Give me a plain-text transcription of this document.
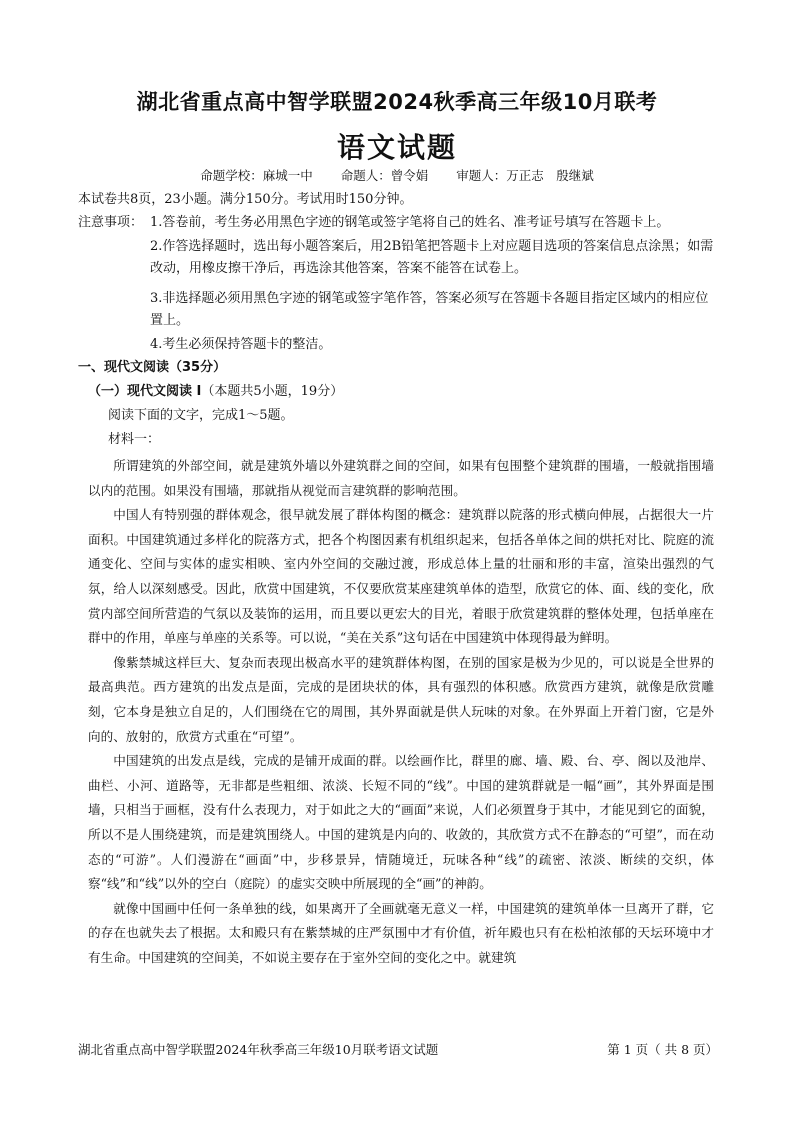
湖北省重点高中智学联盟2024秋季高三年级10月联考
语文试题
命题学校：麻城一中 命题人：曾令娟 审题人：万正志　殷继斌
本试卷共8页，23小题。满分150分。考试用时150分钟。
注意事项： 1.答卷前，考生务必用黑色字迹的钢笔或签字笔将自己的姓名、准考证号填写在答题卡上。
2.作答选择题时，选出每小题答案后，用2B铅笔把答题卡上对应题目选项的答案信息点涂黑；如需改动，用橡皮擦干净后，再选涂其他答案，答案不能答在试卷上。
3.非选择题必须用黑色字迹的钢笔或签字笔作答，答案必须写在答题卡各题目指定区域内的相应位置上。
4.考生必须保持答题卡的整洁。
一、现代文阅读（35分）
（一）现代文阅读 I（本题共5小题，19分）
阅读下面的文字，完成1～5题。
材料一：

所谓建筑的外部空间，就是建筑外墙以外建筑群之间的空间，如果有包围整个建筑群的围墙，一般就指围墙以内的范围。如果没有围墙，那就指从视觉而言建筑群的影响范围。

中国人有特别强的群体观念，很早就发展了群体构图的概念：建筑群以院落的形式横向伸展，占据很大一片面积。中国建筑通过多样化的院落方式，把各个构图因素有机组织起来，包括各单体之间的烘托对比、院庭的流通变化、空间与实体的虚实相映、室内外空间的交融过渡，形成总体上量的壮丽和形的丰富，渲染出强烈的气氛，给人以深刻感受。因此，欣赏中国建筑，不仅要欣赏某座建筑单体的造型，欣赏它的体、面、线的变化，欣赏内部空间所营造的气氛以及装饰的运用，而且要以更宏大的目光，着眼于欣赏建筑群的整体处理，包括单座在群中的作用，单座与单座的关系等。可以说，“美在关系”这句话在中国建筑中体现得最为鲜明。

像紫禁城这样巨大、复杂而表现出极高水平的建筑群体构图，在别的国家是极为少见的，可以说是全世界的最高典范。西方建筑的出发点是面，完成的是团块状的体，具有强烈的体积感。欣赏西方建筑，就像是欣赏雕刻，它本身是独立自足的，人们围绕在它的周围，其外界面就是供人玩味的对象。在外界面上开着门窗，它是外向的、放射的，欣赏方式重在“可望”。

中国建筑的出发点是线，完成的是铺开成面的群。以绘画作比，群里的廊、墙、殿、台、亭、阁以及池岸、曲栏、小河、道路等，无非都是些粗细、浓淡、长短不同的“线”。中国的建筑群就是一幅“画”，其外界面是围墙，只相当于画框，没有什么表现力，对于如此之大的“画面”来说，人们必须置身于其中，才能见到它的面貌，所以不是人围绕建筑，而是建筑围绕人。中国的建筑是内向的、收敛的，其欣赏方式不在静态的“可望”，而在动态的“可游”。人们漫游在“画面”中，步移景异，情随境迁，玩味各种“线”的疏密、浓淡、断续的交织，体察“线”和“线”以外的空白（庭院）的虚实交映中所展现的全“画”的神韵。

就像中国画中任何一条单独的线，如果离开了全画就毫无意义一样，中国建筑的建筑单体一旦离开了群，它的存在也就失去了根据。太和殿只有在紫禁城的庄严氛围中才有价值，祈年殿也只有在松柏浓郁的天坛环境中才有生命。中国建筑的空间美，不如说主要存在于室外空间的变化之中。就建筑

湖北省重点高中智学联盟2024年秋季高三年级10月联考语文试题	第 1 页（ 共 8 页）
